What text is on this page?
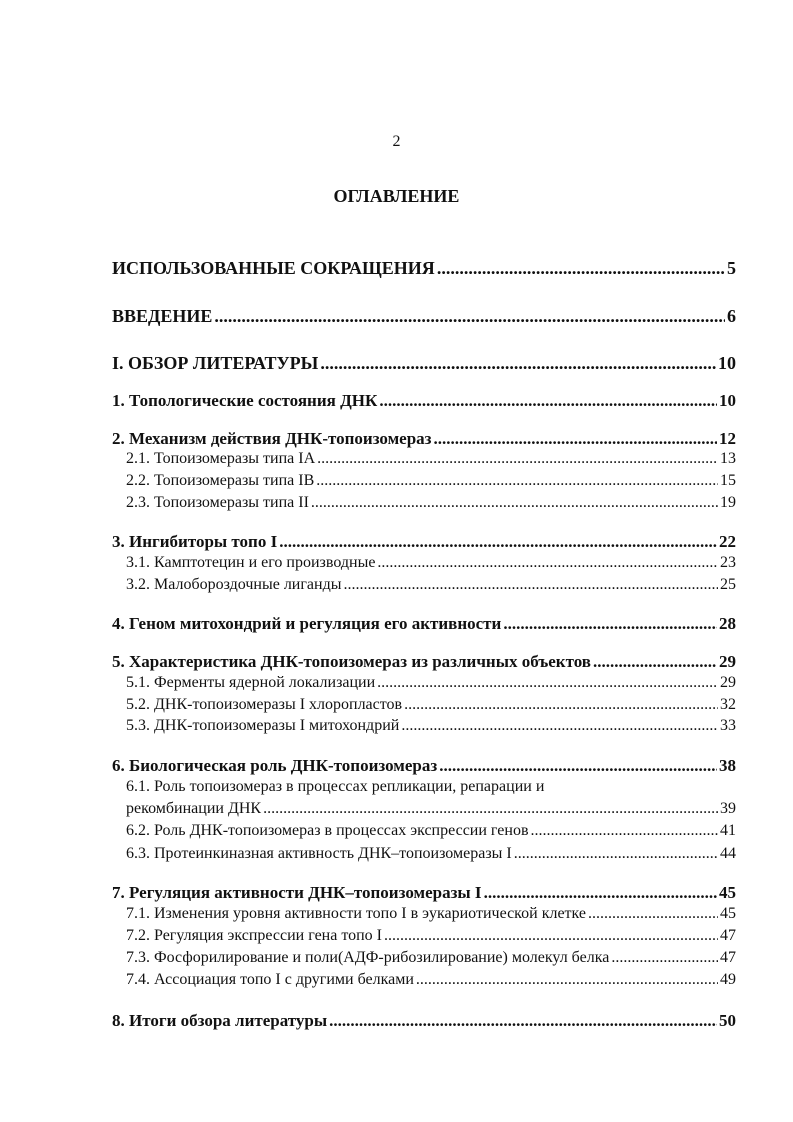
2
ОГЛАВЛЕНИЕ
ИСПОЛЬЗОВАННЫЕ СОКРАЩЕНИЯ .....	5
ВВЕДЕНИЕ .....	6
I. ОБЗОР ЛИТЕРАТУРЫ .....	10
1. Топологические состояния ДНК .....	10
2. Механизм действия ДНК-топоизомераз .....	12
2.1. Топоизомеразы типа IA .....	13
2.2. Топоизомеразы типа IB .....	15
2.3. Топоизомеразы типа II .....	19
3. Ингибиторы топо I .....	22
3.1. Камптотецин и его производные .....	23
3.2. Малобороздочные лиганды .....	25
4. Геном митохондрий и регуляция его активности .....	28
5. Характеристика ДНК-топоизомераз из различных объектов .....	29
5.1. Ферменты ядерной локализации .....	29
5.2. ДНК-топоизомеразы I хлоропластов .....	32
5.3. ДНК-топоизомеразы I митохондрий .....	33
6. Биологическая роль ДНК-топоизомераз .....	38
6.1. Роль топоизомераз в процессах репликации, репарации и
рекомбинации ДНК .....	39
6.2. Роль ДНК-топоизомераз в процессах экспрессии генов .....	41
6.3. Протеинкиназная активность ДНК–топоизомеразы I .....	44
7. Регуляция активности ДНК–топоизомеразы I .....	45
7.1. Изменения уровня активности топо I в эукариотической клетке .....	45
7.2. Регуляция экспрессии гена топо I .....	47
7.3. Фосфорилирование и поли(АДФ-рибозилирование) молекул белка .....	47
7.4. Ассоциация топо I с другими белками .....	49
8. Итоги обзора литературы .....	50
